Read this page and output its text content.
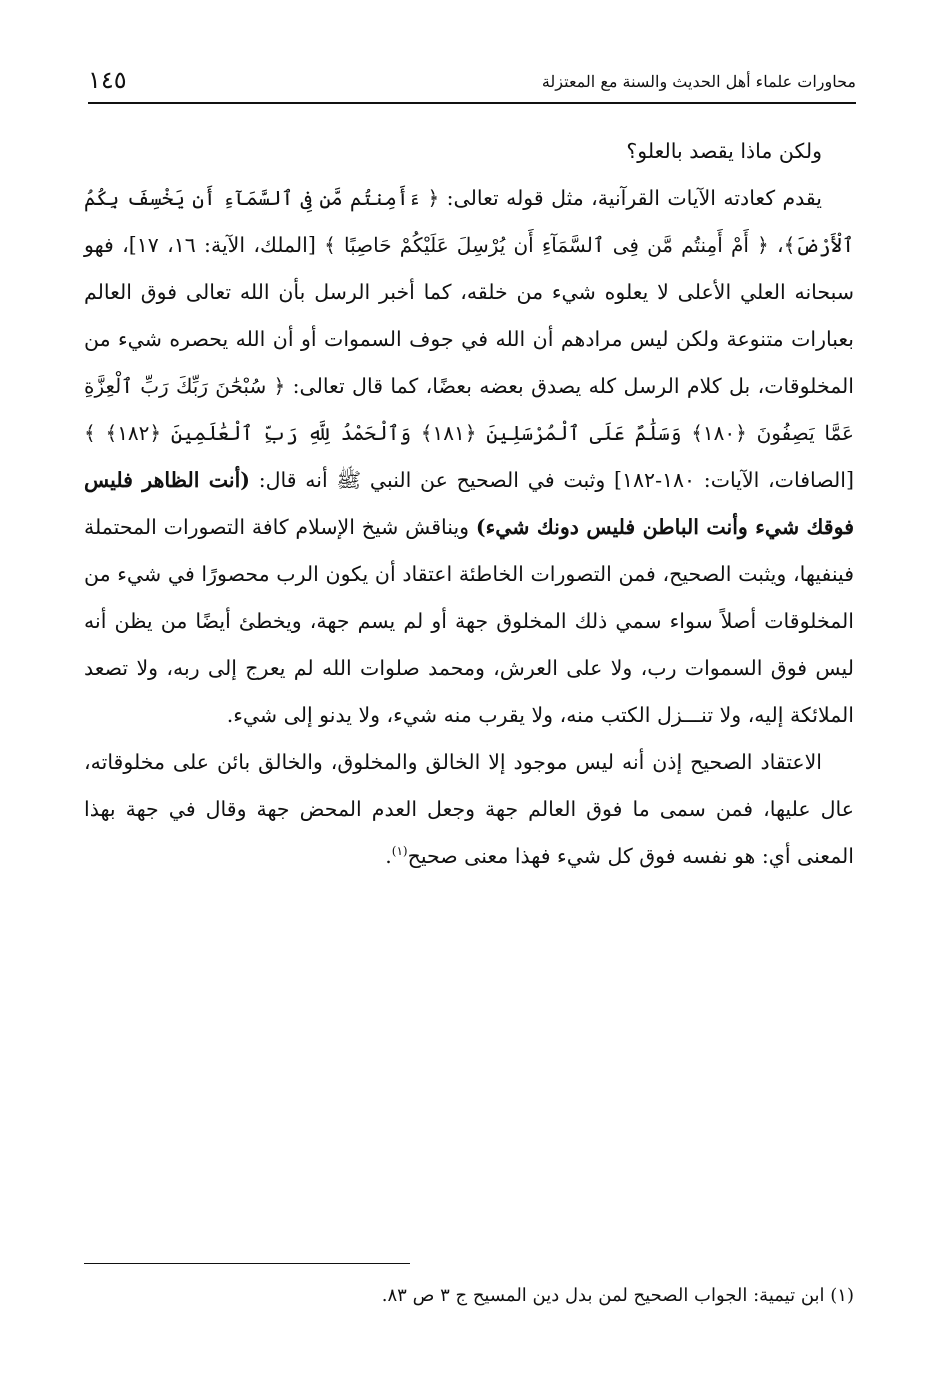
محاورات علماء أهل الحديث والسنة مع المعتزلة
١٤٥

ولكن ماذا يقصد بالعلو؟

يقدم كعادته الآيات القرآنية، مثل قوله تعالى: ﴿ ءَأَمِنتُم مَّن فِى ٱلسَّمَآءِ أَن يَخْسِفَ بِكُمُ ٱلْأَرْضَ﴾، ﴿ أَمْ أَمِنتُم مَّن فِى ٱلسَّمَآءِ أَن يُرْسِلَ عَلَيْكُمْ حَاصِبًا ﴾ [الملك، الآية: ١٦، ١٧]، فهو سبحانه العلي الأعلى لا يعلوه شيء من خلقه، كما أخبر الرسل بأن الله تعالى فوق العالم بعبارات متنوعة ولكن ليس مرادهم أن الله في جوف السموات أو أن الله يحصره شيء من المخلوقات، بل كلام الرسل كله يصدق بعضه بعضًا، كما قال تعالى: ﴿ سُبْحَٰنَ رَبِّكَ رَبِّ ٱلْعِزَّةِ عَمَّا يَصِفُونَ ﴿١٨٠﴾ وَسَلَٰمٌ عَلَى ٱلْمُرْسَلِينَ ﴿١٨١﴾ وَٱلْحَمْدُ لِلَّهِ رَبِّ ٱلْعَٰلَمِينَ ﴿١٨٢﴾ ﴾ [الصافات، الآيات: ١٨٠-١٨٢] وثبت في الصحيح عن النبي ﷺ أنه قال: (أنت الظاهر فليس فوقك شيء وأنت الباطن فليس دونك شيء) ويناقش شيخ الإسلام كافة التصورات المحتملة فينفيها، ويثبت الصحيح، فمن التصورات الخاطئة اعتقاد أن يكون الرب محصورًا في شيء من المخلوقات أصلاً سواء سمي ذلك المخلوق جهة أو لم يسم جهة، ويخطئ أيضًا من يظن أنه ليس فوق السموات رب، ولا على العرش، ومحمد صلوات الله لم يعرج إلى ربه، ولا تصعد الملائكة إليه، ولا تنـــزل الكتب منه، ولا يقرب منه شيء، ولا يدنو إلى شيء.

الاعتقاد الصحيح إذن أنه ليس موجود إلا الخالق والمخلوق، والخالق بائن على مخلوقاته، عال عليها، فمن سمى ما فوق العالم جهة وجعل العدم المحض جهة وقال في جهة بهذا المعنى أي: هو نفسه فوق كل شيء فهذا معنى صحيح$^{(١)}$.

(١) ابن تيمية: الجواب الصحيح لمن بدل دين المسيح ج ٣ ص ٨٣.
